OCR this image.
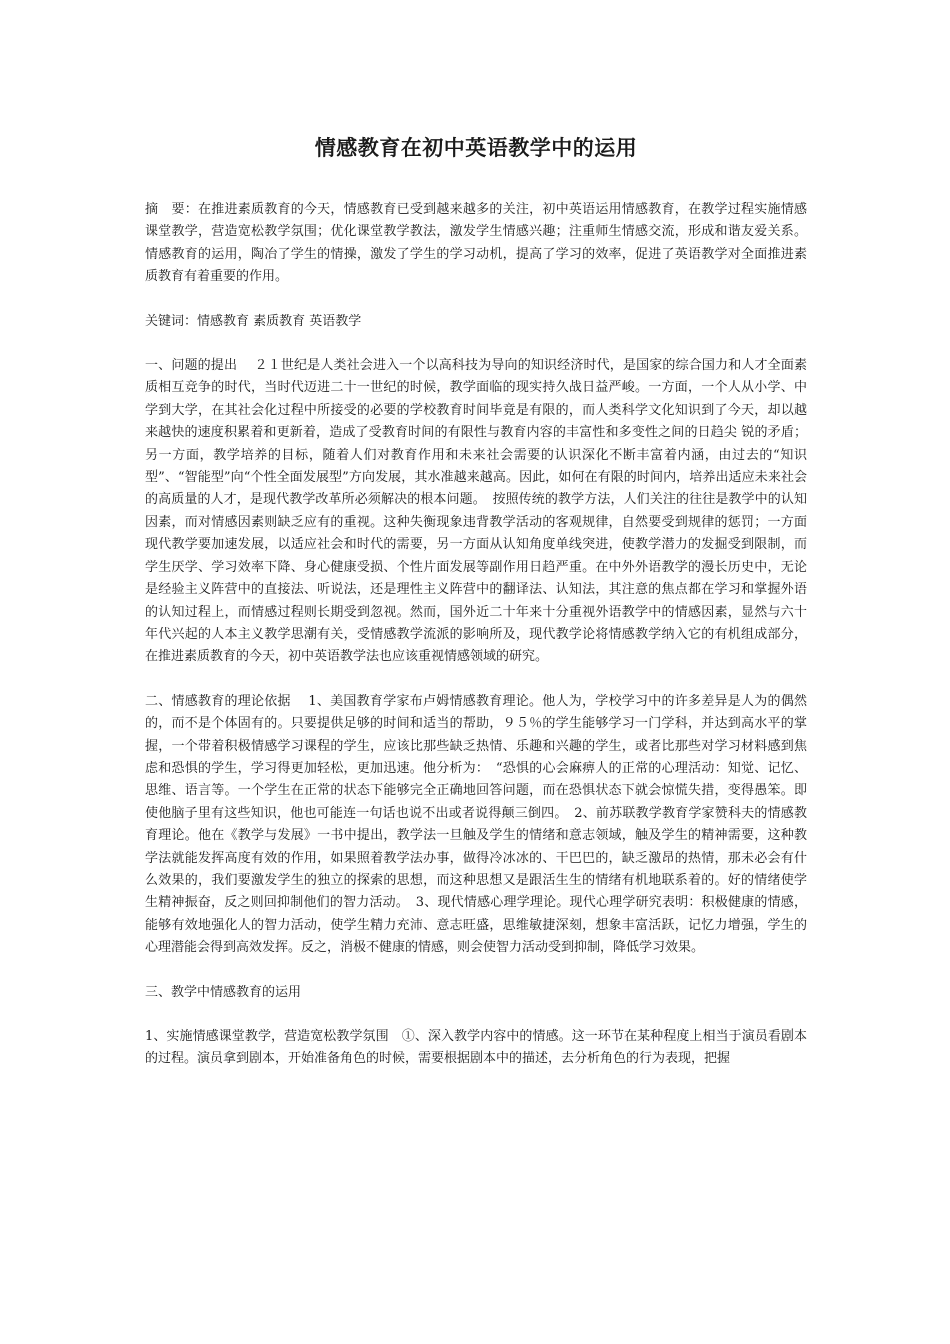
情感教育在初中英语教学中的运用

摘　要：在推进素质教育的今天，情感教育已受到越来越多的关注，初中英语运用情感教育，在教学过程实施情感课堂教学，营造宽松教学氛围；优化课堂教学教法，激发学生情感兴趣；注重师生情感交流，形成和谐友爱关系。情感教育的运用，陶冶了学生的情操，激发了学生的学习动机，提高了学习的效率，促进了英语教学对全面推进素质教育有着重要的作用。

关键词：情感教育 素质教育 英语教学

一、问题的提出　 ２１世纪是人类社会进入一个以高科技为导向的知识经济时代，是国家的综合国力和人才全面素质相互竞争的时代，当时代迈进二十一世纪的时候，教学面临的现实持久战日益严峻。一方面，一个人从小学、中学到大学，在其社会化过程中所接受的必要的学校教育时间毕竟是有限的，而人类科学文化知识到了今天，却以越来越快的速度积累着和更新着，造成了受教育时间的有限性与教育内容的丰富性和多变性之间的日趋尖 锐的矛盾；另一方面，教学培养的目标，随着人们对教育作用和未来社会需要的认识深化不断丰富着内涵，由过去的“知识型”、“智能型”向“个性全面发展型”方向发展，其水准越来越高。因此，如何在有限的时间内，培养出适应未来社会的高质量的人才，是现代教学改革所必须解决的根本问题。　按照传统的教学方法，人们关注的往往是教学中的认知因素，而对情感因素则缺乏应有的重视。这种失衡现象违背教学活动的客观规律，自然要受到规律的惩罚；一方面现代教学要加速发展，以适应社会和时代的需要，另一方面从认知角度单线突进，使教学潜力的发掘受到限制，而学生厌学、学习效率下降、身心健康受损、个性片面发展等副作用日趋严重。在中外外语教学的漫长历史中，无论是经验主义阵营中的直接法、听说法，还是理性主义阵营中的翻译法、认知法，其注意的焦点都在学习和掌握外语的认知过程上，而情感过程则长期受到忽视。然而，国外近二十年来十分重视外语教学中的情感因素，显然与六十年代兴起的人本主义教学思潮有关，受情感教学流派的影响所及，现代教学论将情感教学纳入它的有机组成部分，在推进素质教育的今天，初中英语教学法也应该重视情感领域的研究。

二、情感教育的理论依据　 1、美国教育学家布卢姆情感教育理论。他人为，学校学习中的许多差异是人为的偶然的，而不是个体固有的。只要提供足够的时间和适当的帮助，９５％的学生能够学习一门学科，并达到高水平的掌握，一个带着积极情感学习课程的学生，应该比那些缺乏热情、乐趣和兴趣的学生，或者比那些对学习材料感到焦虑和恐惧的学生，学习得更加轻松，更加迅速。他分析为：　“恐惧的心会麻痹人的正常的心理活动：知觉、记忆、思维、语言等。一个学生在正常的状态下能够完全正确地回答问题，而在恐惧状态下就会惊慌失措，变得愚笨。即使他脑子里有这些知识，他也可能连一句话也说不出或者说得颠三倒四。　2、前苏联教学教育学家赞科夫的情感教育理论。他在《教学与发展》一书中提出，教学法一旦触及学生的情绪和意志领域，触及学生的精神需要，这种教学法就能发挥高度有效的作用，如果照着教学法办事，做得冷冰冰的、干巴巴的，缺乏激昂的热情，那未必会有什么效果的，我们要激发学生的独立的探索的思想，而这种思想又是跟活生生的情绪有机地联系着的。好的情绪使学生精神振奋，反之则回抑制他们的智力活动。　3、现代情感心理学理论。现代心理学研究表明：积极健康的情感，能够有效地强化人的智力活动，使学生精力充沛、意志旺盛，思维敏捷深刻，想象丰富活跃，记忆力增强，学生的心理潜能会得到高效发挥。反之，消极不健康的情感，则会使智力活动受到抑制，降低学习效果。

三、教学中情感教育的运用

1、实施情感课堂教学，营造宽松教学氛围　①、深入教学内容中的情感。这一环节在某种程度上相当于演员看剧本的过程。演员拿到剧本，开始准备角色的时候，需要根据剧本中的描述，去分析角色的行为表现，把握
